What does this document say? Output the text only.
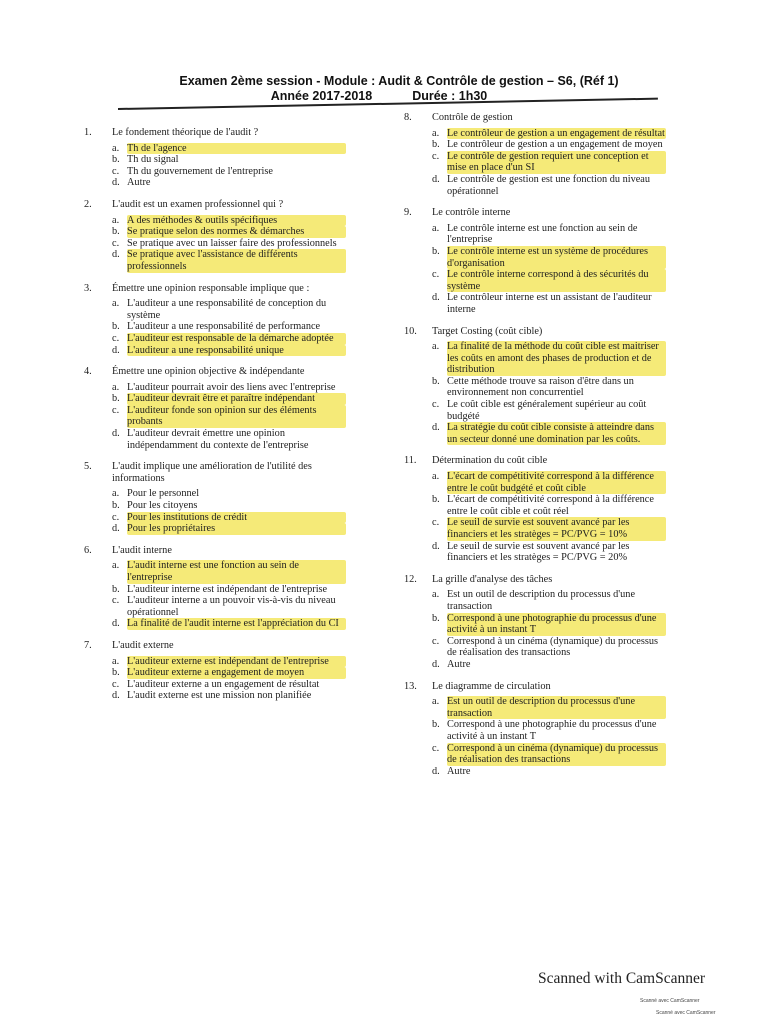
Examen 2ème session - Module : Audit & Contrôle de gestion – S6, (Réf 1)
Année 2017-2018	Durée : 1h30
1.	Le fondement théorique de l'audit ?
a. Th de l'agence
b. Th du signal
c. Th du gouvernement de l'entreprise
d. Autre
2.	L'audit est un examen professionnel qui ?
a. A des méthodes & outils spécifiques
b. Se pratique selon des normes & démarches
c. Se pratique avec un laisser faire des professionnels
d. Se pratique avec l'assistance de différents professionnels
3.	Émettre une opinion responsable implique que :
a. L'auditeur a une responsabilité de conception du système
b. L'auditeur a une responsabilité de performance
c. L'auditeur est responsable de la démarche adoptée
d. L'auditeur a une responsabilité unique
4.	Émettre une opinion objective & indépendante
a. L'auditeur pourrait avoir des liens avec l'entreprise
b. L'auditeur devrait être et paraître indépendant
c. L'auditeur fonde son opinion sur des éléments probants
d. L'auditeur devrait émettre une opinion indépendamment du contexte de l'entreprise
5.	L'audit implique une amélioration de l'utilité des informations
a. Pour le personnel
b. Pour les citoyens
c. Pour les institutions de crédit
d. Pour les propriétaires
6.	L'audit interne
a. L'audit interne est une fonction au sein de l'entreprise
b. L'auditeur interne est indépendant de l'entreprise
c. L'auditeur interne a un pouvoir vis-à-vis du niveau opérationnel
d. La finalité de l'audit interne est l'appréciation du CI
7.	L'audit externe
a. L'auditeur externe est indépendant de l'entreprise
b. L'auditeur externe a engagement de moyen
c. L'auditeur externe a un engagement de résultat
d. L'audit externe est une mission non planifiée
8.	Contrôle de gestion
a. Le contrôleur de gestion a un engagement de résultat
b. Le contrôleur de gestion a un engagement de moyen
c. Le contrôle de gestion requiert une conception et mise en place d'un SI
d. Le contrôle de gestion est une fonction du niveau opérationnel
9.	Le contrôle interne
a. Le contrôle interne est une fonction au sein de l'entreprise
b. Le contrôle interne est un système de procédures d'organisation
c. Le contrôle interne correspond à des sécurités du système
d. Le contrôleur interne est un assistant de l'auditeur interne
10.	Target Costing (coût cible)
a. La finalité de la méthode du coût cible est maitriser les coûts en amont des phases de production et de distribution
b. Cette méthode trouve sa raison d'être dans un environnement non concurrentiel
c. Le coût cible est généralement supérieur au coût budgété
d. La stratégie du coût cible consiste à atteindre dans un secteur donné une domination par les coûts.
11.	Détermination du coût cible
a. L'écart de compétitivité correspond à la différence entre le coût budgété et coût cible
b. L'écart de compétitivité correspond à la différence entre le coût cible et coût réel
c. Le seuil de survie est souvent avancé par les financiers et les stratèges = PC/PVG = 10%
d. Le seuil de survie est souvent avancé par les financiers et les stratèges = PC/PVG = 20%
12.	La grille d'analyse des tâches
a. Est un outil de description du processus d'une transaction
b. Correspond à une photographie du processus d'une activité à un instant T
c. Correspond à un cinéma (dynamique) du processus de réalisation des transactions
d. Autre
13.	Le diagramme de circulation
a. Est un outil de description du processus d'une transaction
b. Correspond à une photographie du processus d'une activité à un instant T
c. Correspond à un cinéma (dynamique) du processus de réalisation des transactions
d. Autre
Scanned with CamScanner
Scanné avec CamScanner
Scanné avec CamScanner
